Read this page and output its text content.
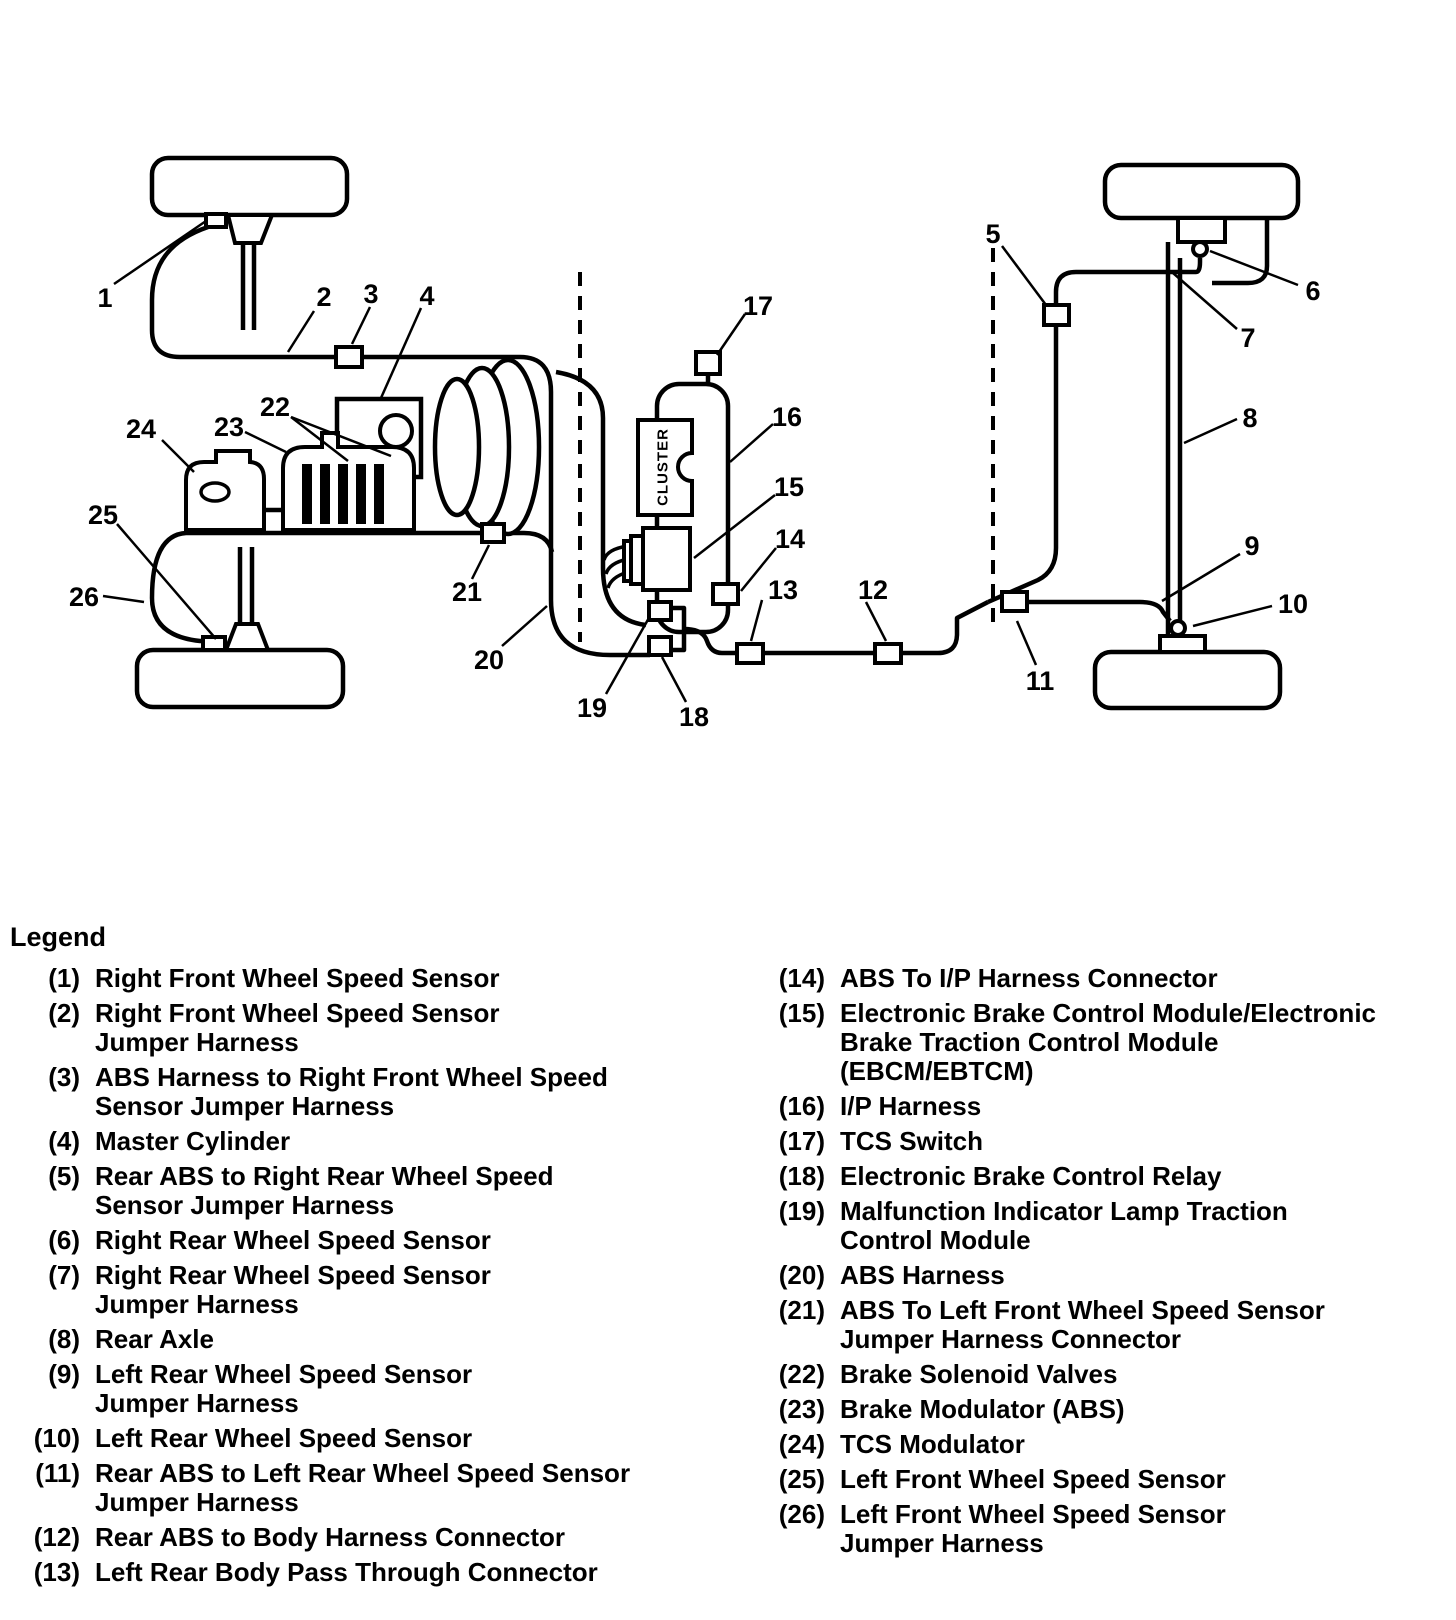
CLUSTER
1	2 3 4
5
6
7
8
9
10
11
12
13
14
15
16
17
18
19
20
21
22
23
24
25
26
Legend
(1) Right Front Wheel Speed Sensor
(2) Right Front Wheel Speed Sensor
Jumper Harness
(3) ABS Harness to Right Front Wheel Speed
Sensor Jumper Harness
(4) Master Cylinder
(5) Rear ABS to Right Rear Wheel Speed
Sensor Jumper Harness
(6) Right Rear Wheel Speed Sensor
(7) Right Rear Wheel Speed Sensor
Jumper Harness
(8) Rear Axle
(9) Left Rear Wheel Speed Sensor
Jumper Harness
(10) Left Rear Wheel Speed Sensor
(11) Rear ABS to Left Rear Wheel Speed Sensor
Jumper Harness
(12) Rear ABS to Body Harness Connector
(13) Left Rear Body Pass Through Connector
(14) ABS To I/P Harness Connector
(15) Electronic Brake Control Module/Electronic
Brake Traction Control Module
(EBCM/EBTCM)
(16) I/P Harness
(17) TCS Switch
(18) Electronic Brake Control Relay
(19) Malfunction Indicator Lamp Traction
Control Module
(20) ABS Harness
(21) ABS To Left Front Wheel Speed Sensor
Jumper Harness Connector
(22) Brake Solenoid Valves
(23) Brake Modulator (ABS)
(24) TCS Modulator
(25) Left Front Wheel Speed Sensor
(26) Left Front Wheel Speed Sensor
Jumper Harness
